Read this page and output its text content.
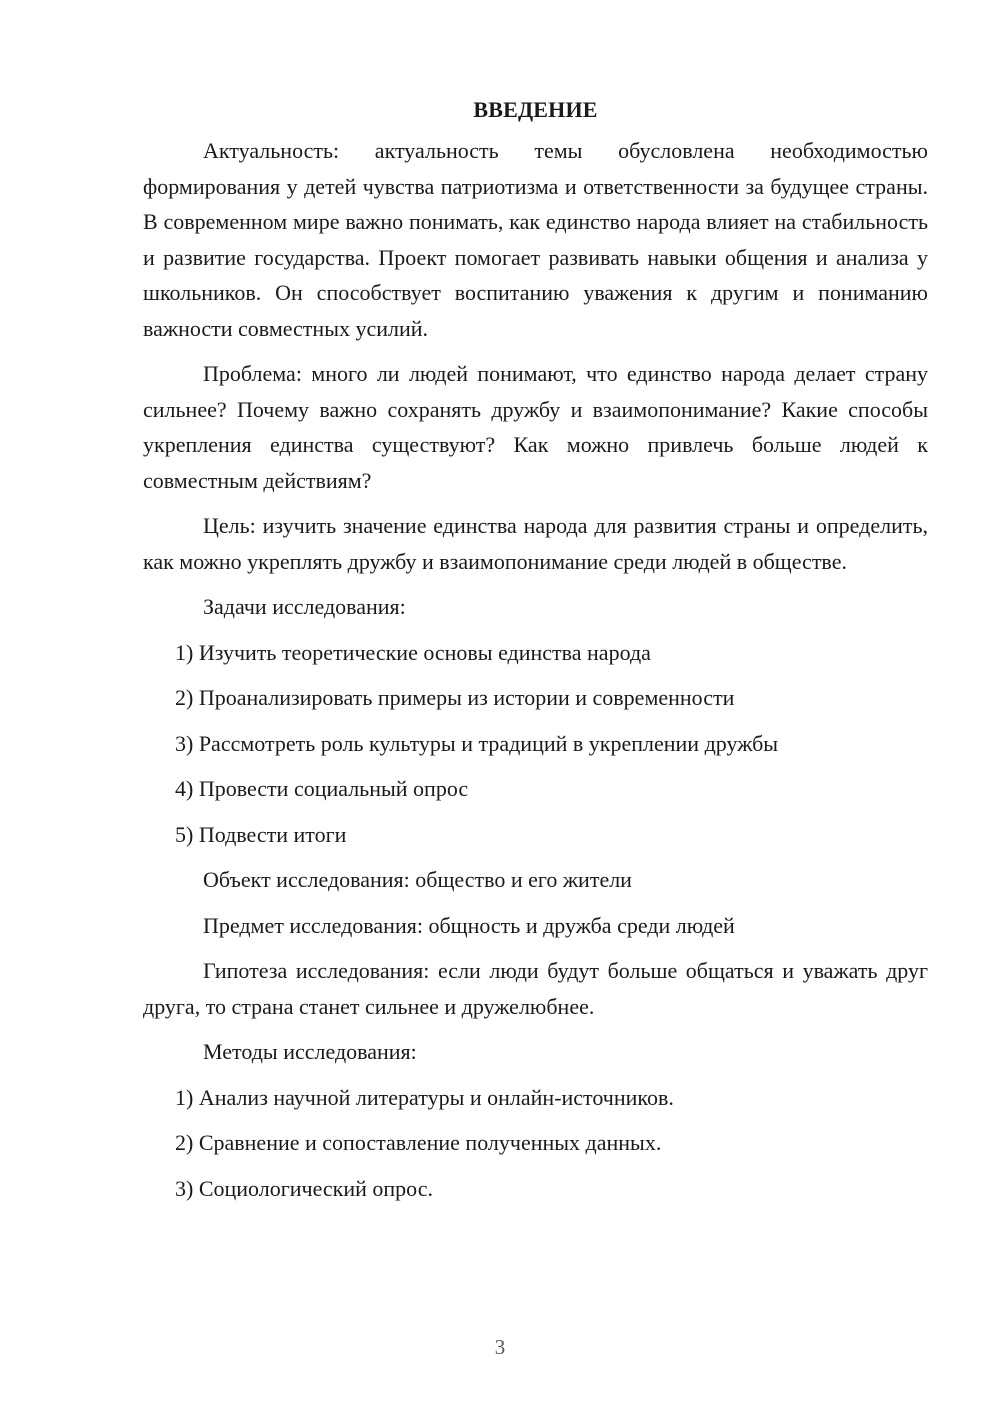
ВВЕДЕНИЕ

Актуальность: актуальность темы обусловлена необходимостью формирования у детей чувства патриотизма и ответственности за будущее страны. В современном мире важно понимать, как единство народа влияет на стабильность и развитие государства. Проект помогает развивать навыки общения и анализа у школьников. Он способствует воспитанию уважения к другим и пониманию важности совместных усилий.

Проблема: много ли людей понимают, что единство народа делает страну сильнее? Почему важно сохранять дружбу и взаимопонимание? Какие способы укрепления единства существуют? Как можно привлечь больше людей к совместным действиям?

Цель: изучить значение единства народа для развития страны и определить, как можно укреплять дружбу и взаимопонимание среди людей в обществе.

Задачи исследования:
1) Изучить теоретические основы единства народа
2) Проанализировать примеры из истории и современности
3) Рассмотреть роль культуры и традиций в укреплении дружбы
4) Провести социальный опрос
5) Подвести итоги
Объект исследования: общество и его жители
Предмет исследования: общность и дружба среди людей

Гипотеза исследования: если люди будут больше общаться и уважать друг друга, то страна станет сильнее и дружелюбнее.

Методы исследования:
1) Анализ научной литературы и онлайн-источников.
2) Сравнение и сопоставление полученных данных.
3) Социологический опрос.
3
